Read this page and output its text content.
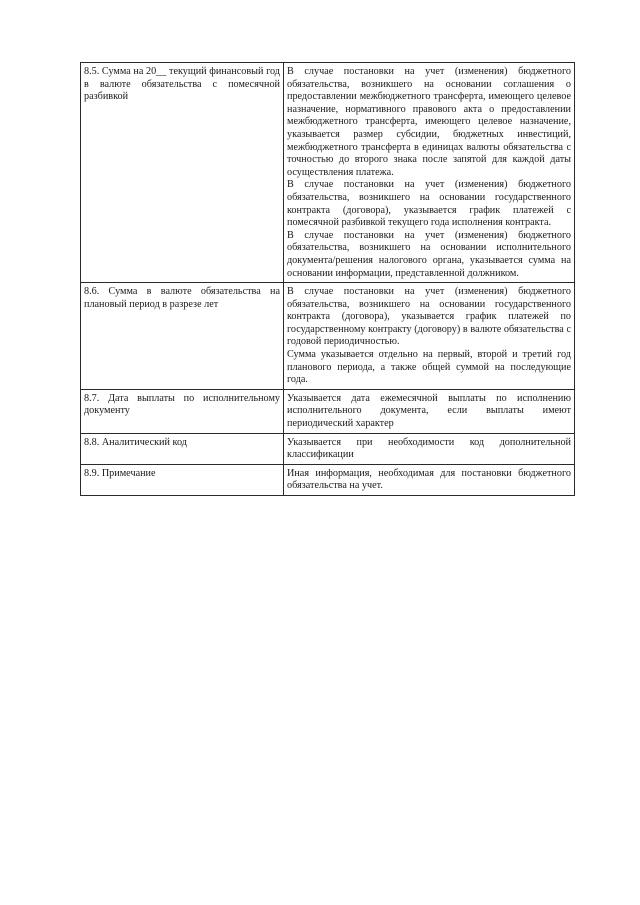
8.5. Сумма на 20__ текущий финансовый год в валюте обязательства с помесячной разбивкой	В случае постановки на учет (изменения) бюджетного обязательства, возникшего на основании соглашения о предоставлении межбюджетного трансферта, имеющего целевое назначение, нормативного правового акта о предоставлении межбюджетного трансферта, имеющего целевое назначение, указывается размер субсидии, бюджетных инвестиций, межбюджетного трансферта в единицах валюты обязательства с точностью до второго знака после запятой для каждой даты осуществления платежа.

В случае постановки на учет (изменения) бюджетного обязательства, возникшего на основании государственного контракта (договора), указывается график платежей с помесячной разбивкой текущего года исполнения контракта.

В случае постановки на учет (изменения) бюджетного обязательства, возникшего на основании исполнительного документа/решения налогового органа, указывается сумма на основании информации, представленной должником.

8.6. Сумма в валюте обязательства на плановый период в разрезе лет	В случае постановки на учет (изменения) бюджетного обязательства, возникшего на основании государственного контракта (договора), указывается график платежей по государственному контракту (договору) в валюте обязательства с годовой периодичностью.

Сумма указывается отдельно на первый, второй и третий год планового периода, а также общей суммой на последующие года.

8.7. Дата выплаты по исполнительному документу	Указывается дата ежемесячной выплаты по исполнению исполнительного документа, если выплаты имеют периодический характер

8.8. Аналитический код	Указывается при необходимости код дополнительной классификации

8.9. Примечание	Иная информация, необходимая для постановки бюджетного обязательства на учет.
